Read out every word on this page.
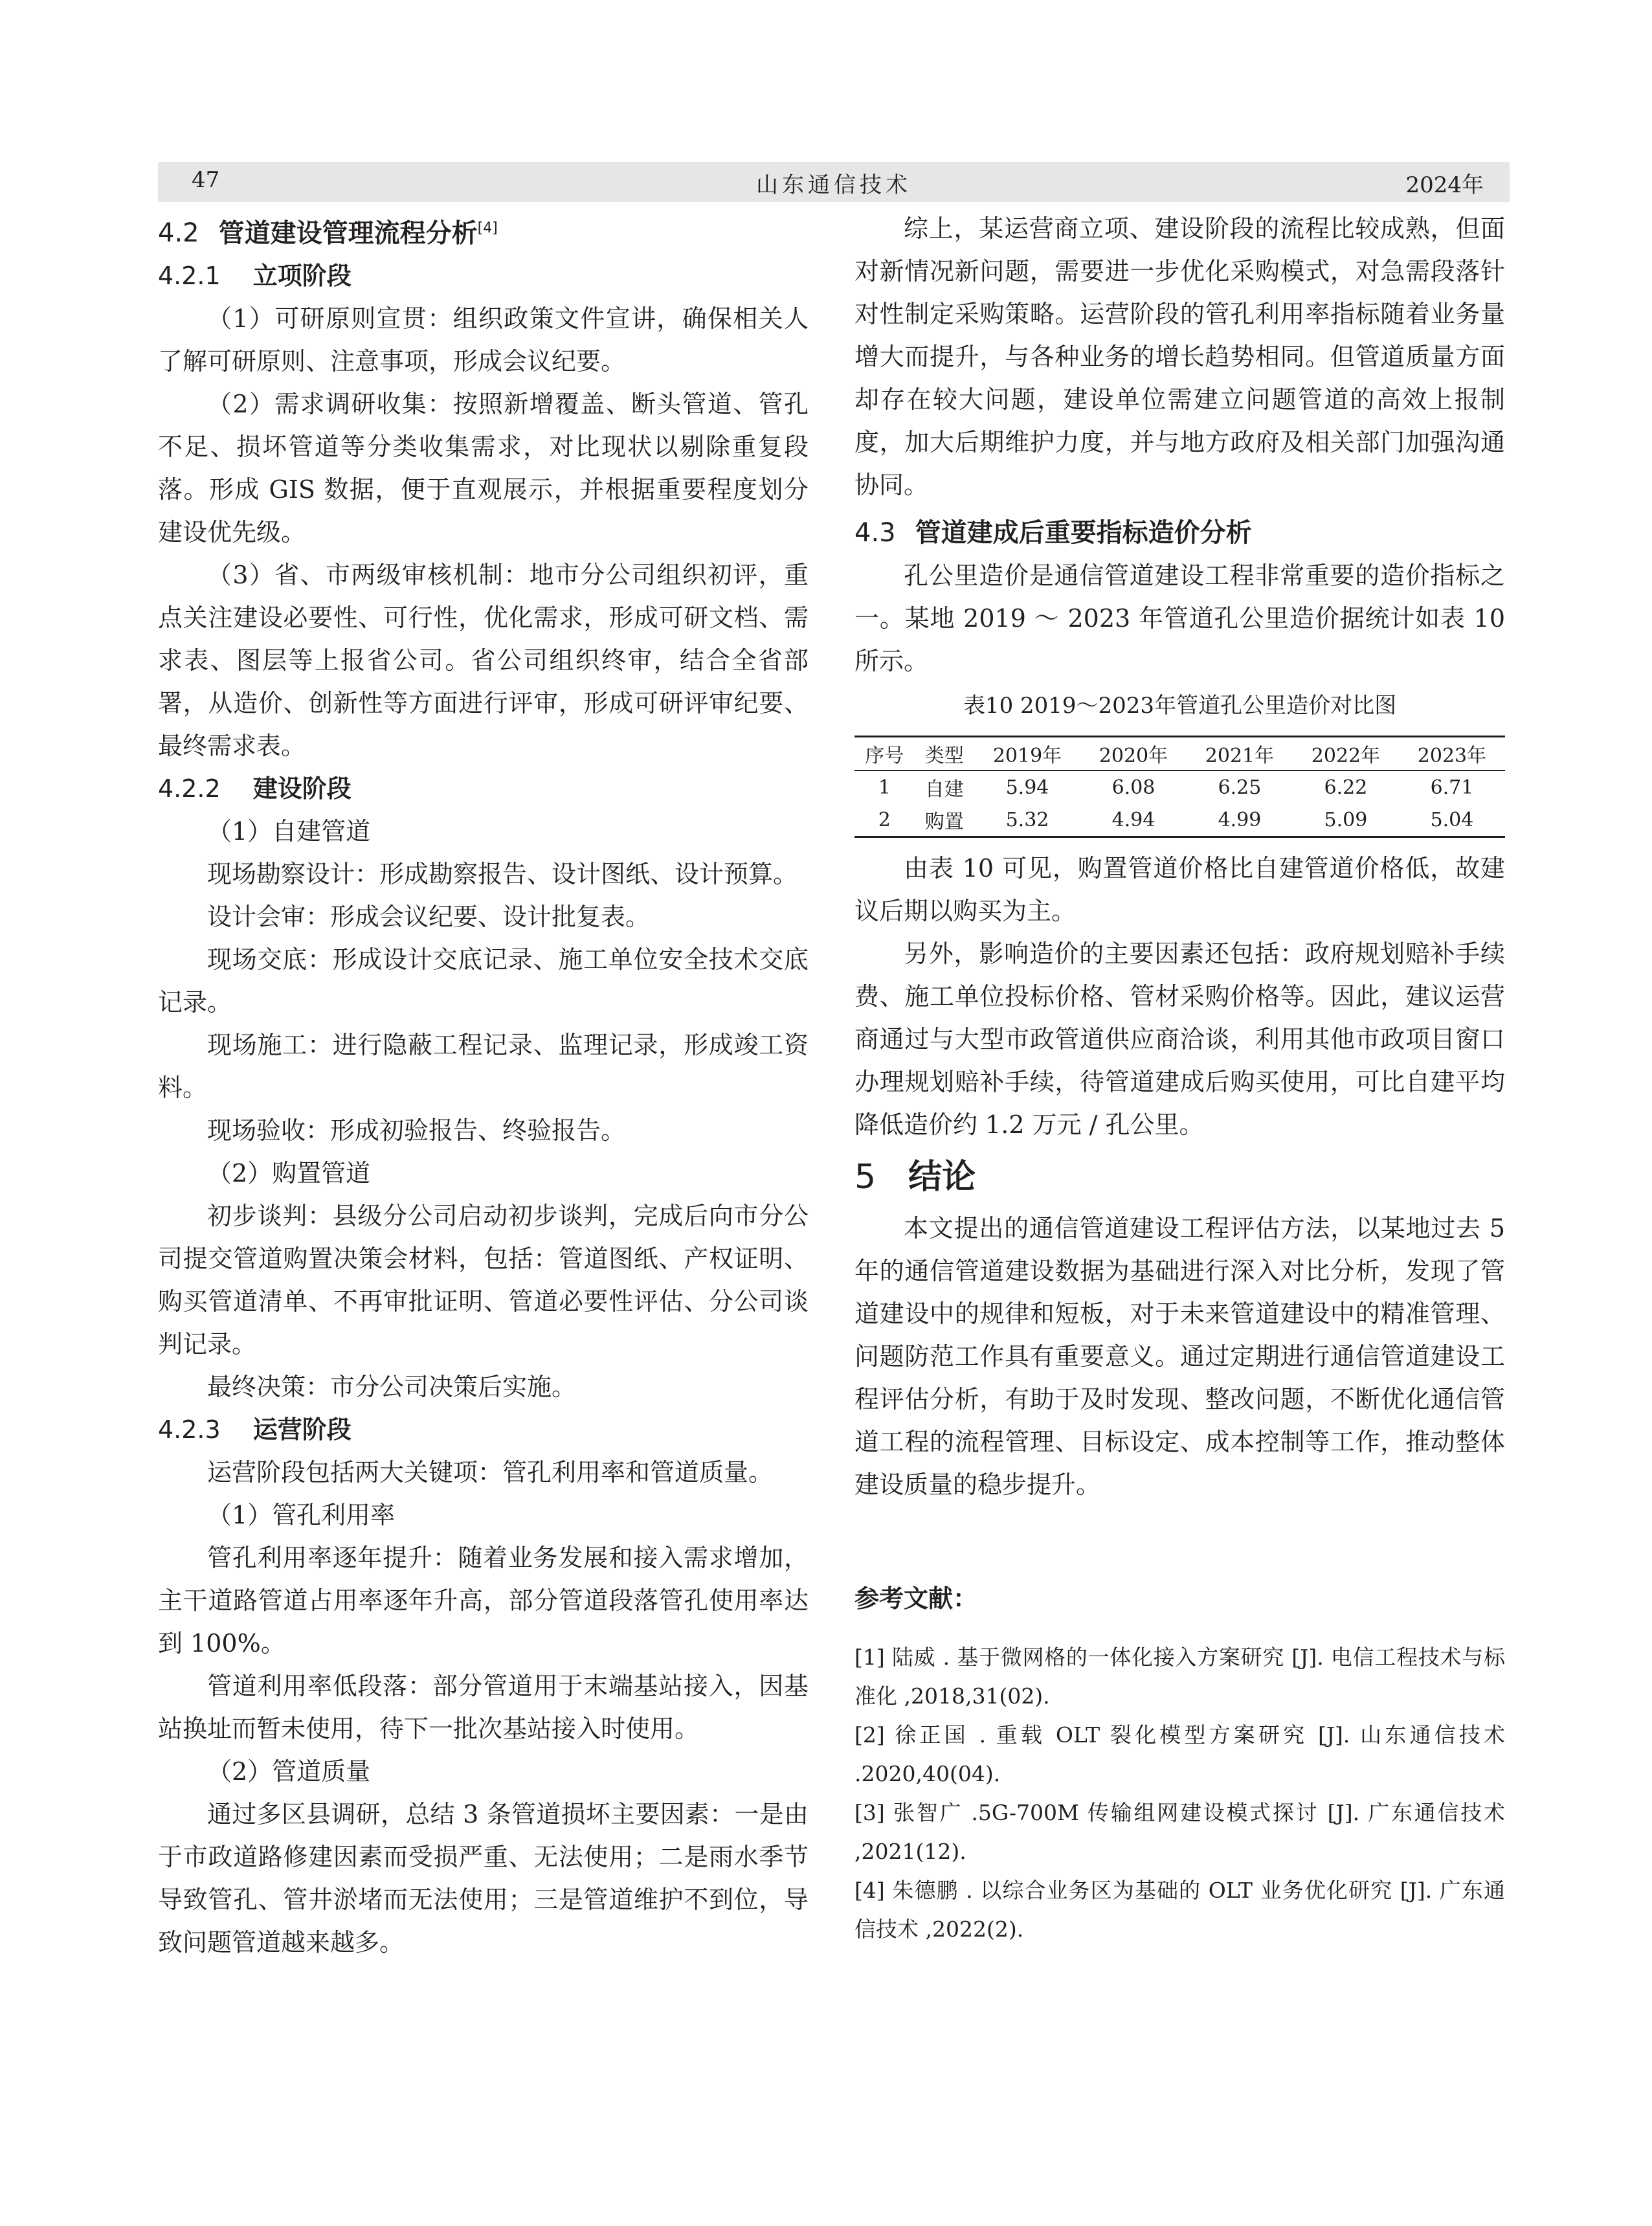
47	山东通信技术	2024年

4.2 管道建设管理流程分析[4]

4.2.1 立项阶段

（1）可研原则宣贯：组织政策文件宣讲，确保相关人了解可研原则、注意事项，形成会议纪要。

（2）需求调研收集：按照新增覆盖、断头管道、管孔不足、损坏管道等分类收集需求，对比现状以剔除重复段落。形成 GIS 数据，便于直观展示，并根据重要程度划分建设优先级。

（3）省、市两级审核机制：地市分公司组织初评，重点关注建设必要性、可行性，优化需求，形成可研文档、需求表、图层等上报省公司。省公司组织终审，结合全省部署，从造价、创新性等方面进行评审，形成可研评审纪要、最终需求表。

4.2.2 建设阶段

（1）自建管道

现场勘察设计：形成勘察报告、设计图纸、设计预算。

设计会审：形成会议纪要、设计批复表。

现场交底：形成设计交底记录、施工单位安全技术交底记录。

现场施工：进行隐蔽工程记录、监理记录，形成竣工资料。

现场验收：形成初验报告、终验报告。

（2）购置管道

初步谈判：县级分公司启动初步谈判，完成后向市分公司提交管道购置决策会材料，包括：管道图纸、产权证明、购买管道清单、不再审批证明、管道必要性评估、分公司谈判记录。

最终决策：市分公司决策后实施。

4.2.3 运营阶段

运营阶段包括两大关键项：管孔利用率和管道质量。

（1）管孔利用率

管孔利用率逐年提升：随着业务发展和接入需求增加，主干道路管道占用率逐年升高，部分管道段落管孔使用率达到 100%。

管道利用率低段落：部分管道用于末端基站接入，因基站换址而暂未使用，待下一批次基站接入时使用。

（2）管道质量

通过多区县调研，总结 3 条管道损坏主要因素：一是由于市政道路修建因素而受损严重、无法使用；二是雨水季节导致管孔、管井淤堵而无法使用；三是管道维护不到位，导致问题管道越来越多。

综上，某运营商立项、建设阶段的流程比较成熟，但面对新情况新问题，需要进一步优化采购模式，对急需段落针对性制定采购策略。运营阶段的管孔利用率指标随着业务量增大而提升，与各种业务的增长趋势相同。但管道质量方面却存在较大问题，建设单位需建立问题管道的高效上报制度，加大后期维护力度，并与地方政府及相关部门加强沟通协同。

4.3 管道建成后重要指标造价分析

孔公里造价是通信管道建设工程非常重要的造价指标之一。某地 2019 ～ 2023 年管道孔公里造价据统计如表 10 所示。

表10 2019～2023年管道孔公里造价对比图

序号	类型	2019年	2020年	2021年	2022年	2023年
1	自建	5.94	6.08	6.25	6.22	6.71
2	购置	5.32	4.94	4.99	5.09	5.04

由表 10 可见，购置管道价格比自建管道价格低，故建议后期以购买为主。

另外，影响造价的主要因素还包括：政府规划赔补手续费、施工单位投标价格、管材采购价格等。因此，建议运营商通过与大型市政管道供应商洽谈，利用其他市政项目窗口办理规划赔补手续，待管道建成后购买使用，可比自建平均降低造价约 1.2 万元 / 孔公里。

5 结论

本文提出的通信管道建设工程评估方法，以某地过去 5 年的通信管道建设数据为基础进行深入对比分析，发现了管道建设中的规律和短板，对于未来管道建设中的精准管理、问题防范工作具有重要意义。通过定期进行通信管道建设工程评估分析，有助于及时发现、整改问题，不断优化通信管道工程的流程管理、目标设定、成本控制等工作，推动整体建设质量的稳步提升。

参考文献：

[1] 陆威 . 基于微网格的一体化接入方案研究 [J]. 电信工程技术与标准化 ,2018,31(02).

[2] 徐正国 . 重载 OLT 裂化模型方案研究 [J]. 山东通信技术 .2020,40(04).

[3] 张智广 .5G-700M 传输组网建设模式探讨 [J]. 广东通信技术 ,2021(12).

[4] 朱德鹏 . 以综合业务区为基础的 OLT 业务优化研究 [J]. 广东通信技术 ,2022(2).
